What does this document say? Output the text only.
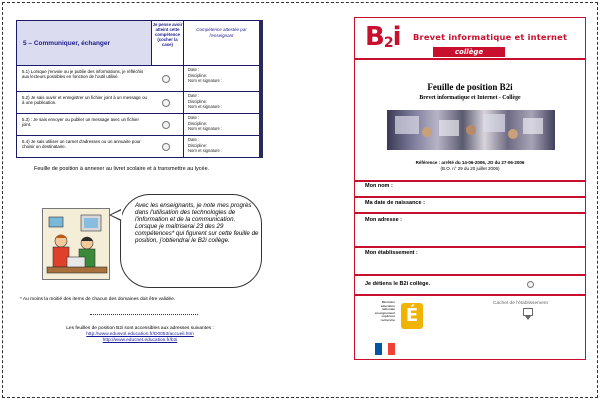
5 – Communiquer, échanger
Je pense avoir atteint cette compétence (cocher la case)
Compétence attestée par l'enseignant
5.1) Lorsque j'envoie ou je publie des informations, je réfléchis aux lecteurs possibles en fonction de l'outil utilisé.
Date :
Discipline:
Nom et signature :
5.2) Je sais ouvrir et enregistrer un fichier joint à un message ou à une publication.
Date :
Discipline:
Nom et signature :
5.3) : Je sais envoyer ou publier un message avec un fichier joint.
Date :
Discipline:
Nom et signature :
5.4) Je sais utiliser un carnet d'adresses ou un annuaire pour choisir un destinataire.
Date :
Discipline:
Nom et signature :
Feuille de position à annexer au livret scolaire et à transmettre au lycée.
Avec les enseignants, je note mes progrès dans l'utilisation des technologies de l'information et de la communication. Lorsque je maîtriserai 23 des 29 compétences* qui figurent sur cette feuille de position, j'obtiendrai le B2i collège.
* Au moins la moitié des items de chacun des domaines doit être validée.
Les feuilles de position B2i sont accessibles aux adresses suivantes :
http://www.edusvol.education.fr/D0053/accueil.htm
http://www.educnet.education.fr/b2i
$B_2i$ Brevet informatique et internet
collège
Feuille de position B2i
Brevet informatique et Internet - Collège
Référence : arrêté du 14-06-2006, JO du 27-06-2006
(B.O. n° 29 du 20 juillet 2006)
Mon nom :
Ma date de naissance :
Mon adresse :
Mon établissement :
Je détiens le B2i collège.
Ministère éducation nationale enseignement supérieur recherche É
Cachet de l'établissement
